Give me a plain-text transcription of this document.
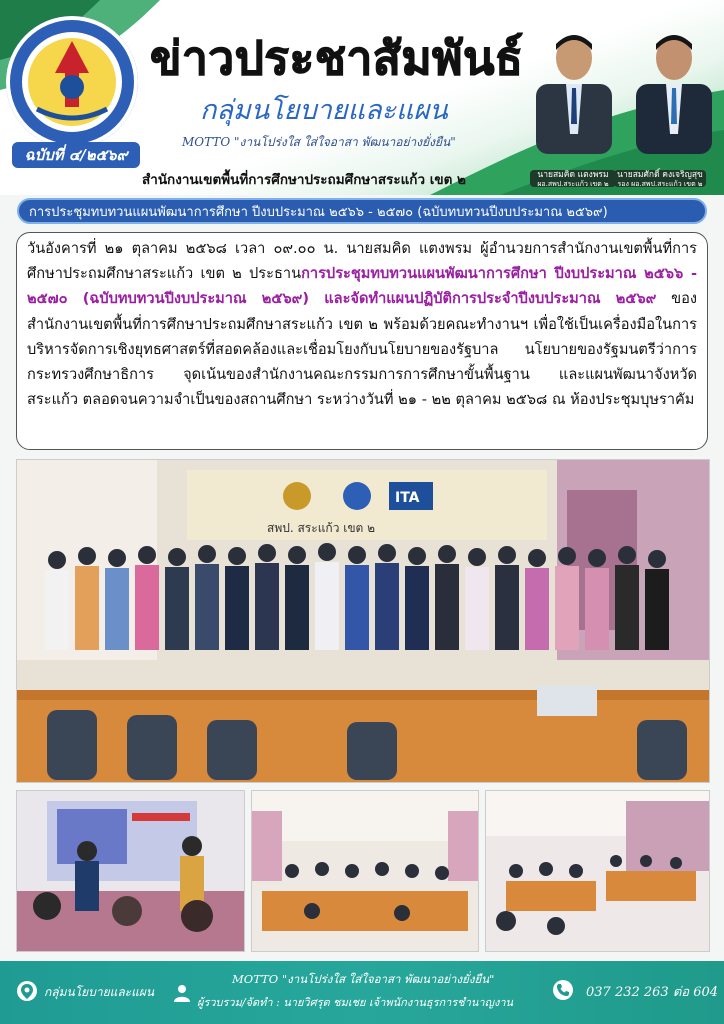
ข่าวประชาสัมพันธ์
กลุ่มนโยบายและแผน
MOTTO "งานโปร่งใส ใส่ใจอาสา พัฒนาอย่างยั่งยืน"
สำนักงานเขตพื้นที่การศึกษาประถมศึกษาสระแก้ว เขต ๒
ฉบับที่ ๔/๒๕๖๙
นายสมคิด แตงพรม
ผอ.สพป.สระแก้ว เขต ๒
นายสมศักดิ์ คงเจริญสุข
รอง ผอ.สพป.สระแก้ว เขต ๒
การประชุมทบทวนแผนพัฒนาการศึกษา ปีงบประมาณ ๒๕๖๖ - ๒๕๗๐ (ฉบับทบทวนปีงบประมาณ ๒๕๖๙)
วันอังคารที่ ๒๑ ตุลาคม ๒๕๖๘ เวลา ๐๙.๐๐ น. นายสมคิด แตงพรม ผู้อำนวยการสำนักงานเขตพื้นที่การศึกษาประถมศึกษาสระแก้ว เขต ๒ ประธานการประชุมทบทวนแผนพัฒนาการศึกษา ปีงบประมาณ ๒๕๖๖ - ๒๕๗๐ (ฉบับทบทวนปีงบประมาณ ๒๕๖๙) และจัดทำแผนปฏิบัติการประจำปีงบประมาณ ๒๕๖๙ ของสำนักงานเขตพื้นที่การศึกษาประถมศึกษาสระแก้ว เขต ๒ พร้อมด้วยคณะทำงานฯ เพื่อใช้เป็นเครื่องมือในการบริหารจัดการเชิงยุทธศาสตร์ที่สอดคล้องและเชื่อมโยงกับนโยบายของรัฐบาล นโยบายของรัฐมนตรีว่าการกระทรวงศึกษาธิการ จุดเน้นของสำนักงานคณะกรรมการการศึกษาขั้นพื้นฐาน และแผนพัฒนาจังหวัดสระแก้ว ตลอดจนความจำเป็นของสถานศึกษา ระหว่างวันที่ ๒๑ - ๒๒ ตุลาคม ๒๕๖๘ ณ ห้องประชุมบุษราคัม
ITA
สพป. สระแก้ว เขต ๒
กลุ่มนโยบายและแผน
MOTTO "งานโปร่งใส ใส่ใจอาสา พัฒนาอย่างยั่งยืน"
ผู้รวบรวม/จัดทำ : นายวิศรุต ชมเชย เจ้าพนักงานธุรการชำนาญงาน
037 232 263 ต่อ 604
